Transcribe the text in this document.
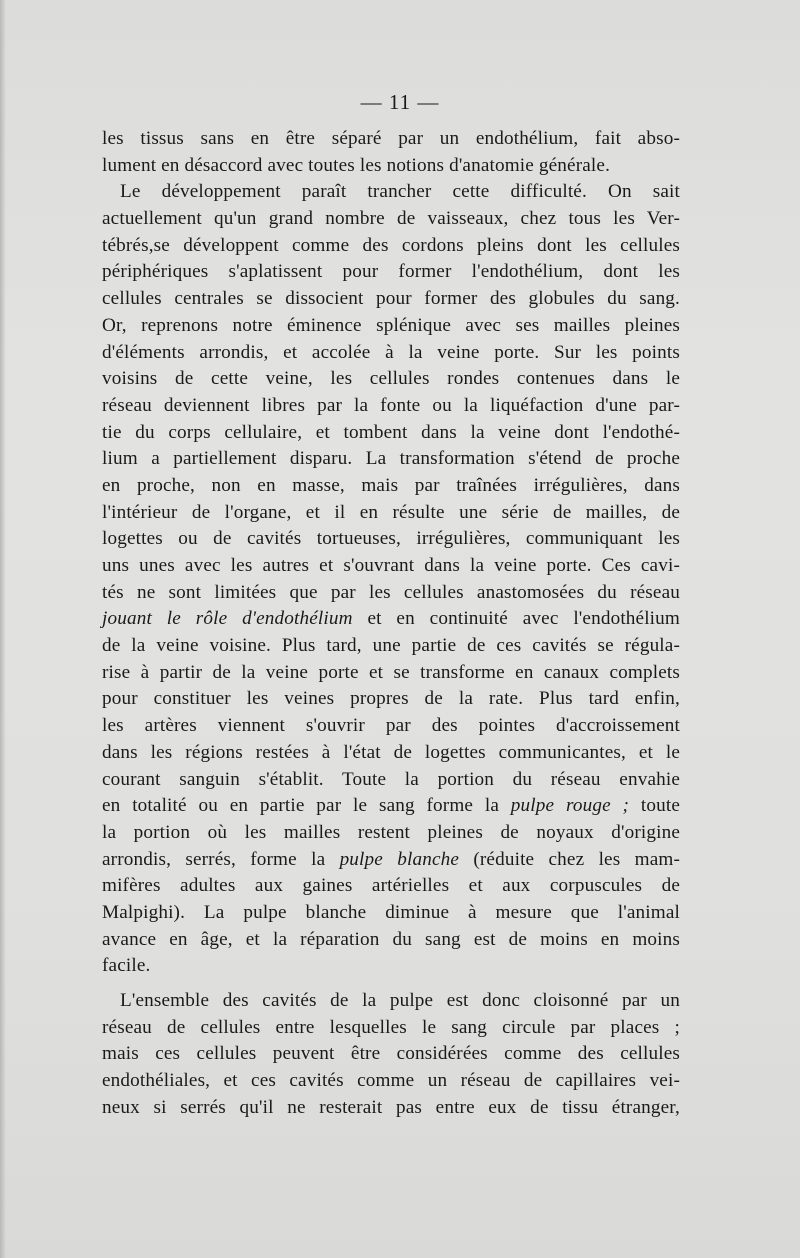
— 11 —
les tissus sans en être séparé par un endothélium, fait abso-
lument en désaccord avec toutes les notions d'anatomie générale.
Le développement paraît trancher cette difficulté. On sait
actuellement qu'un grand nombre de vaisseaux, chez tous les Ver-
tébrés,se développent comme des cordons pleins dont les cellules
périphériques s'aplatissent pour former l'endothélium, dont les
cellules centrales se dissocient pour former des globules du sang.
Or, reprenons notre éminence splénique avec ses mailles pleines
d'éléments arrondis, et accolée à la veine porte. Sur les points
voisins de cette veine, les cellules rondes contenues dans le
réseau deviennent libres par la fonte ou la liquéfaction d'une par-
tie du corps cellulaire, et tombent dans la veine dont l'endothé-
lium a partiellement disparu. La transformation s'étend de proche
en proche, non en masse, mais par traînées irrégulières, dans
l'intérieur de l'organe, et il en résulte une série de mailles, de
logettes ou de cavités tortueuses, irrégulières, communiquant les
uns unes avec les autres et s'ouvrant dans la veine porte. Ces cavi-
tés ne sont limitées que par les cellules anastomosées du réseau
jouant le rôle d'endothélium et en continuité avec l'endothélium
de la veine voisine. Plus tard, une partie de ces cavités se régula-
rise à partir de la veine porte et se transforme en canaux complets
pour constituer les veines propres de la rate. Plus tard enfin,
les artères viennent s'ouvrir par des pointes d'accroissement
dans les régions restées à l'état de logettes communicantes, et le
courant sanguin s'établit. Toute la portion du réseau envahie
en totalité ou en partie par le sang forme la pulpe rouge ; toute
la portion où les mailles restent pleines de noyaux d'origine
arrondis, serrés, forme la pulpe blanche (réduite chez les mam-
mifères adultes aux gaines artérielles et aux corpuscules de
Malpighi). La pulpe blanche diminue à mesure que l'animal
avance en âge, et la réparation du sang est de moins en moins
facile.
L'ensemble des cavités de la pulpe est donc cloisonné par un
réseau de cellules entre lesquelles le sang circule par places ;
mais ces cellules peuvent être considérées comme des cellules
endothéliales, et ces cavités comme un réseau de capillaires vei-
neux si serrés qu'il ne resterait pas entre eux de tissu étranger,
